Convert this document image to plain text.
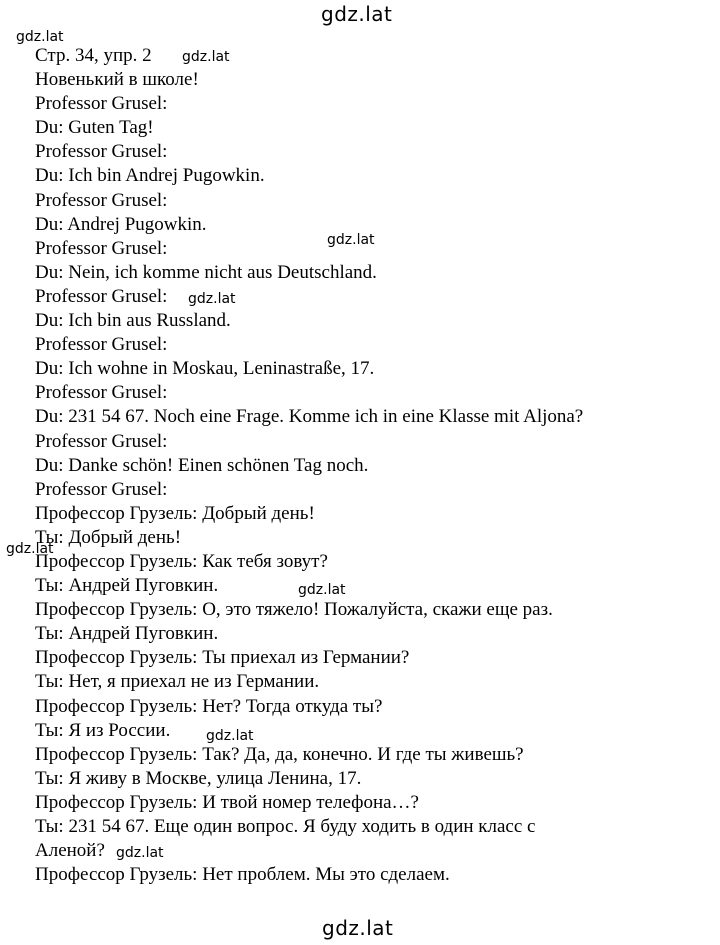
Стр. 34, упр. 2
Новенький в школе!
Professor Grusel:
Du: Guten Tag!
Professor Grusel:
Du: Ich bin Andrej Pugowkin.
Professor Grusel:
Du: Andrej Pugowkin.
Professor Grusel:
Du: Nein, ich komme nicht aus Deutschland.
Professor Grusel:
Du: Ich bin aus Russland.
Professor Grusel:
Du: Ich wohne in Moskau, Leninastraße, 17.
Professor Grusel:
Du: 231 54 67. Noch eine Frage. Komme ich in eine Klasse mit Aljona?
Professor Grusel:
Du: Danke schön! Einen schönen Tag noch.
Professor Grusel:
Профессор Грузель: Добрый день!
Ты: Добрый день!
Профессор Грузель: Как тебя зовут?
Ты: Андрей Пуговкин.
Профессор Грузель: О, это тяжело! Пожалуйста, скажи еще раз.
Ты: Андрей Пуговкин.
Профессор Грузель: Ты приехал из Германии?
Ты: Нет, я приехал не из Германии.
Профессор Грузель: Нет? Тогда откуда ты?
Ты: Я из России.
Профессор Грузель: Так? Да, да, конечно. И где ты живешь?
Ты: Я живу в Москве, улица Ленина, 17.
Профессор Грузель: И твой номер телефона…?
Ты: 231 54 67. Еще один вопрос. Я буду ходить в один класс с
Аленой?
Профессор Грузель: Нет проблем. Мы это сделаем.
gdz.lat
gdz.lat
gdz.lat
gdz.lat
gdz.lat
gdz.lat
gdz.lat
gdz.lat
gdz.lat
gdz.lat
